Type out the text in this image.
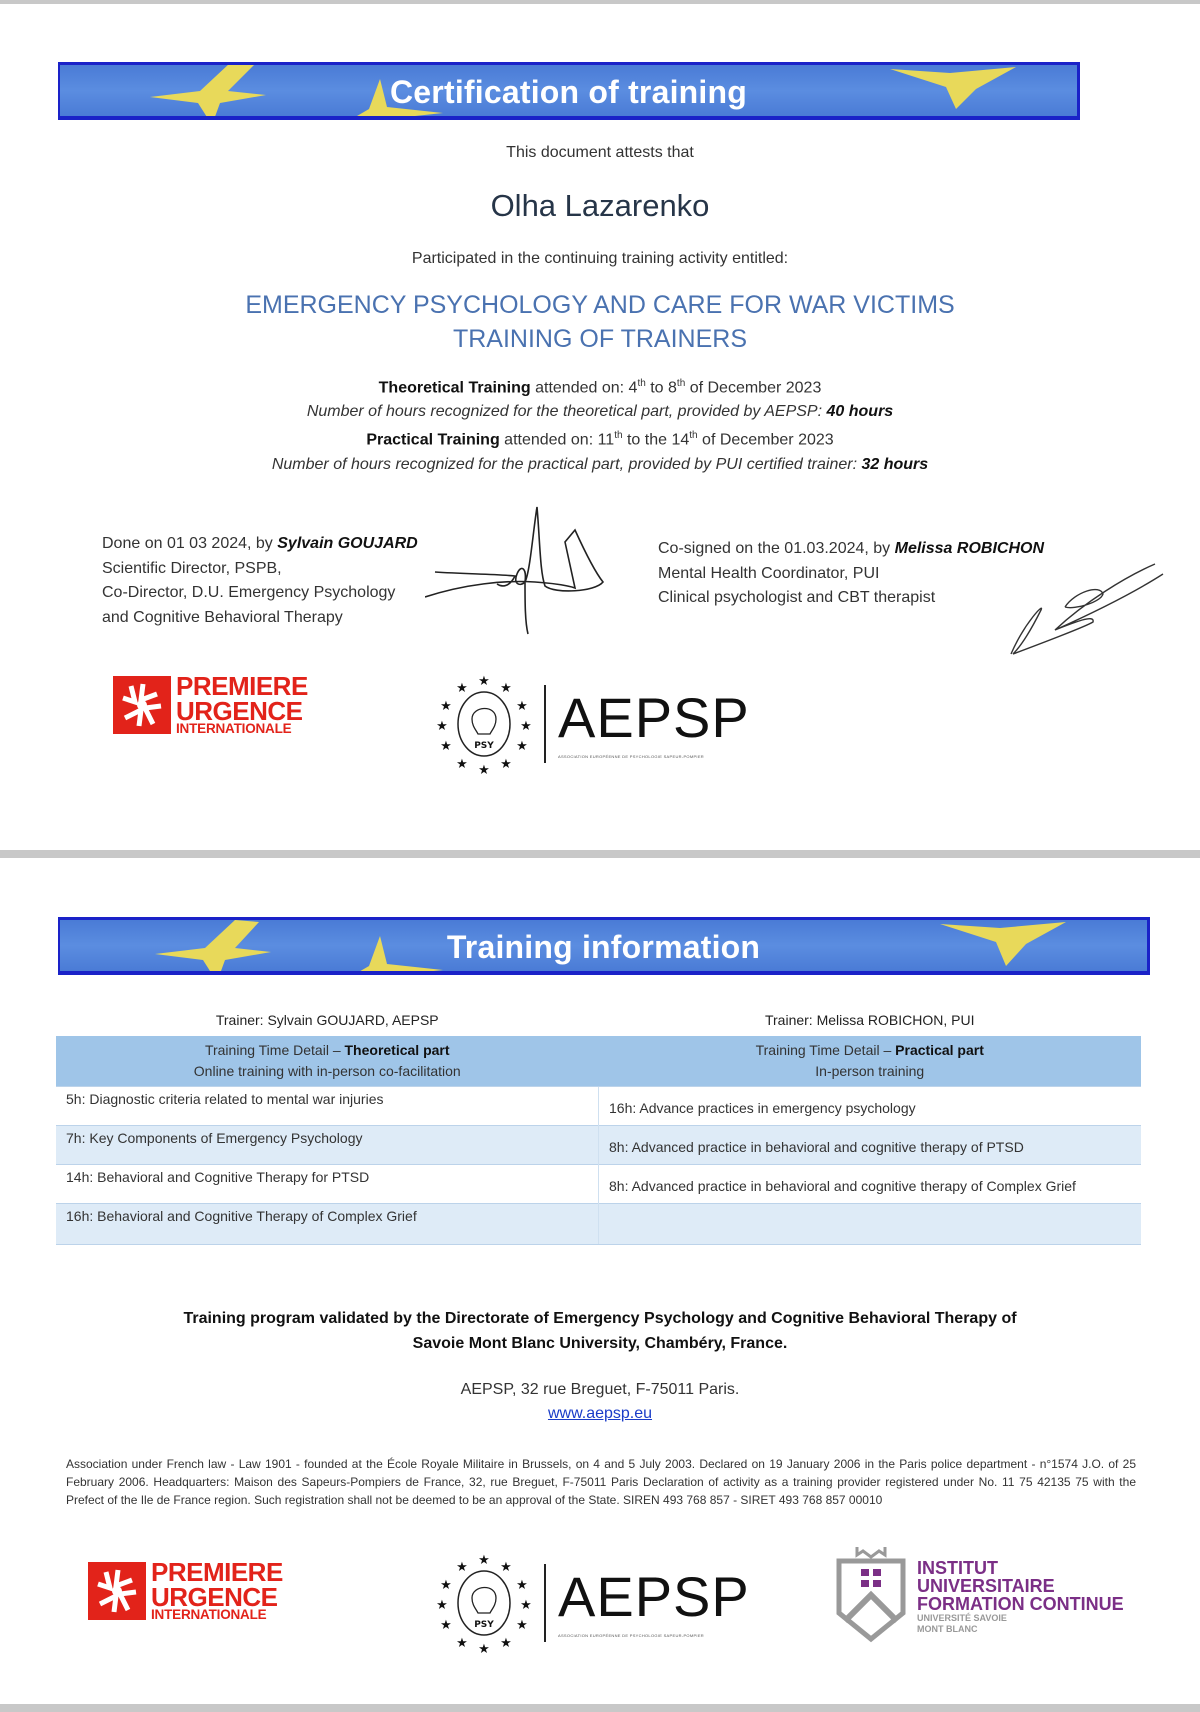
Certification of training
This document attests that
Olha Lazarenko
Participated in the continuing training activity entitled:
EMERGENCY PSYCHOLOGY AND CARE FOR WAR VICTIMS
TRAINING OF TRAINERS
Theoretical Training attended on: 4th to 8th of December 2023
Number of hours recognized for the theoretical part, provided by AEPSP: 40 hours
Practical Training attended on: 11th to the 14th of December 2023
Number of hours recognized for the practical part, provided by PUI certified trainer: 32 hours
Done on 01 03 2024, by Sylvain GOUJARD
Scientific Director, PSPB,
Co-Director, D.U. Emergency Psychology
and Cognitive Behavioral Therapy
Co-signed on the 01.03.2024, by Melissa ROBICHON
Mental Health Coordinator, PUI
Clinical psychologist and CBT therapist
PREMIERE
URGENCE
INTERNATIONALE
★ ★
★
★
★
★
★
★
★
★
★
★
PSY AEPSP
ASSOCIATION EUROPÉENNE DE PSYCHOLOGIE SAPEUR-POMPIER
Training information
Trainer: Sylvain GOUJARD, AEPSP	Trainer: Melissa ROBICHON, PUI
Training Time Detail – Theoretical part
Online training with in-person co-facilitation

Training Time Detail – Practical part
In-person training

5h: Diagnostic criteria related to mental war injuries	16h: Advance practices in emergency psychology
7h: Key Components of Emergency Psychology	8h: Advanced practice in behavioral and cognitive therapy of PTSD
14h: Behavioral and Cognitive Therapy for PTSD	8h: Advanced practice in behavioral and cognitive therapy of Complex Grief
16h: Behavioral and Cognitive Therapy of Complex Grief	
Training program validated by the Directorate of Emergency Psychology and Cognitive Behavioral Therapy of
Savoie Mont Blanc University, Chambéry, France.
AEPSP, 32 rue Breguet, F-75011 Paris.
www.aepsp.eu
Association under French law - Law 1901 - founded at the École Royale Militaire in Brussels, on 4 and 5 July 2003. Declared on 19 January 2006 in the Paris police department - n°1574 J.O. of 25 February 2006. Headquarters: Maison des Sapeurs-Pompiers de France, 32, rue Breguet, F-75011 Paris Declaration of activity as a training provider registered under No. 11 75 42135 75 with the Prefect of the Ile de France region. Such registration shall not be deemed to be an approval of the State. SIREN 493 768 857 - SIRET 493 768 857 00010
PREMIERE
URGENCE
INTERNATIONALE
★ ★
★
★
★
★
★
★
★
★
★
★
PSY AEPSP
ASSOCIATION EUROPÉENNE DE PSYCHOLOGIE SAPEUR-POMPIER
INSTITUT
UNIVERSITAIRE
FORMATION CONTINUE
UNIVERSITÉ SAVOIE
MONT BLANC
